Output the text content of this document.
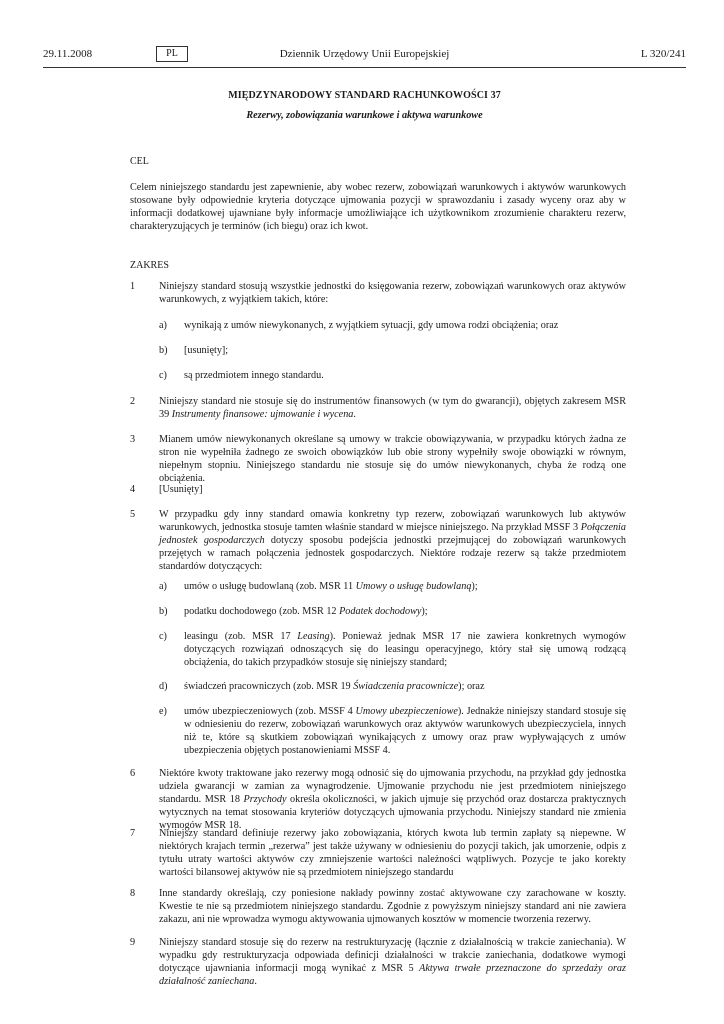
29.11.2008	PL	Dziennik Urzędowy Unii Europejskiej	L 320/241
MIĘDZYNARODOWY STANDARD RACHUNKOWOŚCI 37
Rezerwy, zobowiązania warunkowe i aktywa warunkowe
CEL
Celem niniejszego standardu jest zapewnienie, aby wobec rezerw, zobowiązań warunkowych i aktywów warunkowych stosowane były odpowiednie kryteria dotyczące ujmowania pozycji w sprawozdaniu i zasady wyceny oraz aby w informacji dodatkowej ujawniane były informacje umożliwiające ich użytkownikom zrozumienie charakteru rezerw, charakteryzujących je terminów (ich biegu) oraz ich kwot.
ZAKRES
1 Niniejszy standard stosują wszystkie jednostki do księgowania rezerw, zobowiązań warunkowych oraz aktywów warunkowych, z wyjątkiem takich, które:
a) wynikają z umów niewykonanych, z wyjątkiem sytuacji, gdy umowa rodzi obciążenia; oraz
b) [usunięty];
c) są przedmiotem innego standardu.
2 Niniejszy standard nie stosuje się do instrumentów finansowych (w tym do gwarancji), objętych zakresem MSR 39 Instrumenty finansowe: ujmowanie i wycena.
3 Mianem umów niewykonanych określane są umowy w trakcie obowiązywania, w przypadku których żadna ze stron nie wypełniła żadnego ze swoich obowiązków lub obie strony wypełniły swoje obowiązki w równym, niepełnym stopniu. Niniejszego standardu nie stosuje się do umów niewykonanych, chyba że rodzą one obciążenia.
4 [Usunięty]
5 W przypadku gdy inny standard omawia konkretny typ rezerw, zobowiązań warunkowych lub aktywów warunkowych, jednostka stosuje tamten właśnie standard w miejsce niniejszego. Na przykład MSSF 3 Połączenia jednostek gospodarczych dotyczy sposobu podejścia jednostki przejmującej do zobowiązań warunkowych przejętych w ramach połączenia jednostek gospodarczych. Niektóre rodzaje rezerw są także przedmiotem standardów dotyczących:
a) umów o usługę budowlaną (zob. MSR 11 Umowy o usługę budowlaną);
b) podatku dochodowego (zob. MSR 12 Podatek dochodowy);
c) leasingu (zob. MSR 17 Leasing). Ponieważ jednak MSR 17 nie zawiera konkretnych wymogów dotyczących rozwiązań odnoszących się do leasingu operacyjnego, który stał się umową rodzącą obciążenia, do takich przypadków stosuje się niniejszy standard;
d) świadczeń pracowniczych (zob. MSR 19 Świadczenia pracownicze); oraz
e) umów ubezpieczeniowych (zob. MSSF 4 Umowy ubezpieczeniowe). Jednakże niniejszy standard stosuje się w odniesieniu do rezerw, zobowiązań warunkowych oraz aktywów warunkowych ubezpieczyciela, innych niż te, które są skutkiem zobowiązań wynikających z umowy oraz praw wypływających z umów ubezpieczenia objętych postanowieniami MSSF 4.
6 Niektóre kwoty traktowane jako rezerwy mogą odnosić się do ujmowania przychodu, na przykład gdy jednostka udziela gwarancji w zamian za wynagrodzenie. Ujmowanie przychodu nie jest przedmiotem niniejszego standardu. MSR 18 Przychody określa okoliczności, w jakich ujmuje się przychód oraz dostarcza praktycznych wytycznych na temat stosowania kryteriów dotyczących ujmowania przychodu. Niniejszy standard nie zmienia wymogów MSR 18.
7 Niniejszy standard definiuje rezerwy jako zobowiązania, których kwota lub termin zapłaty są niepewne. W niektórych krajach termin „rezerwa” jest także używany w odniesieniu do pozycji takich, jak umorzenie, odpis z tytułu utraty wartości aktywów czy zmniejszenie wartości należności wątpliwych. Pozycje te jako korekty wartości bilansowej aktywów nie są przedmiotem niniejszego standardu
8 Inne standardy określają, czy poniesione nakłady powinny zostać aktywowane czy zarachowane w koszty. Kwestie te nie są przedmiotem niniejszego standardu. Zgodnie z powyższym niniejszy standard ani nie zawiera zakazu, ani nie wprowadza wymogu aktywowania ujmowanych kosztów w momencie tworzenia rezerwy.
9 Niniejszy standard stosuje się do rezerw na restrukturyzację (łącznie z działalnością w trakcie zaniechania). W wypadku gdy restrukturyzacja odpowiada definicji działalności w trakcie zaniechania, dodatkowe wymogi dotyczące ujawniania informacji mogą wynikać z MSR 5 Aktywa trwałe przeznaczone do sprzedaży oraz działalność zaniechana.
